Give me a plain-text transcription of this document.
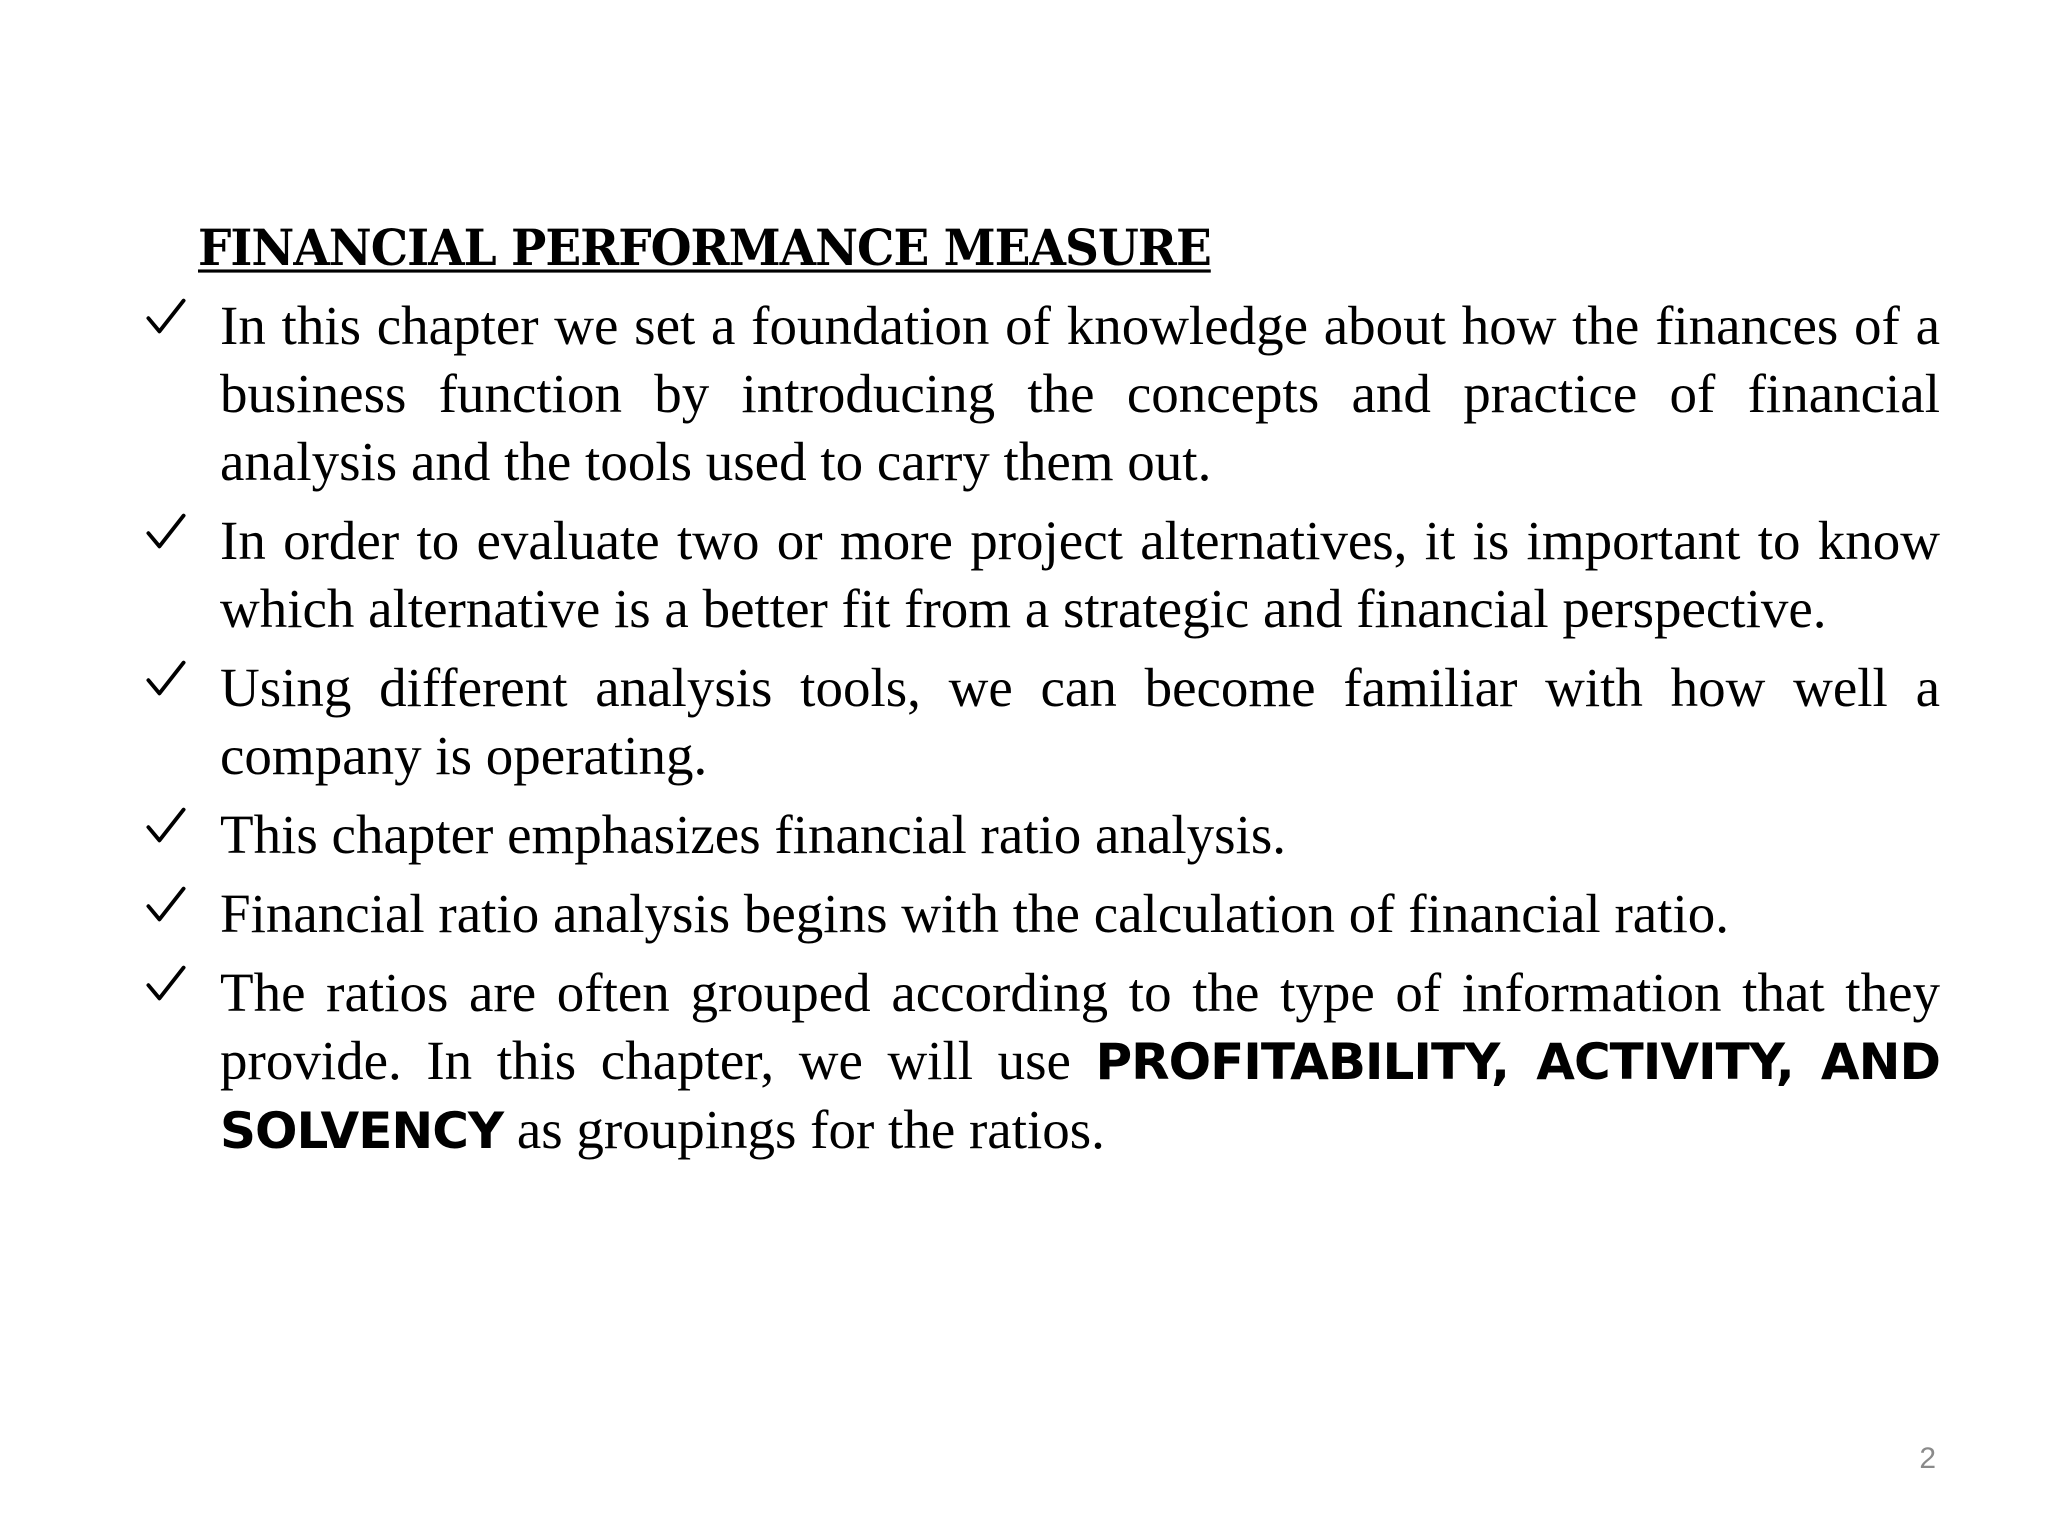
FINANCIAL PERFORMANCE MEASURE
In this chapter we set a foundation of knowledge about how the finances of a business function by introducing the concepts and practice of financial analysis and the tools used to carry them out.
In order to evaluate two or more project alternatives, it is important to know which alternative is a better fit from a strategic and financial perspective.
Using different analysis tools, we can become familiar with how well a company is operating.
This chapter emphasizes financial ratio analysis.
Financial ratio analysis begins with the calculation of financial ratio.
The ratios are often grouped according to the type of information that they provide. In this chapter, we will use PROFITABILITY, ACTIVITY, AND SOLVENCY as groupings for the ratios.
2
